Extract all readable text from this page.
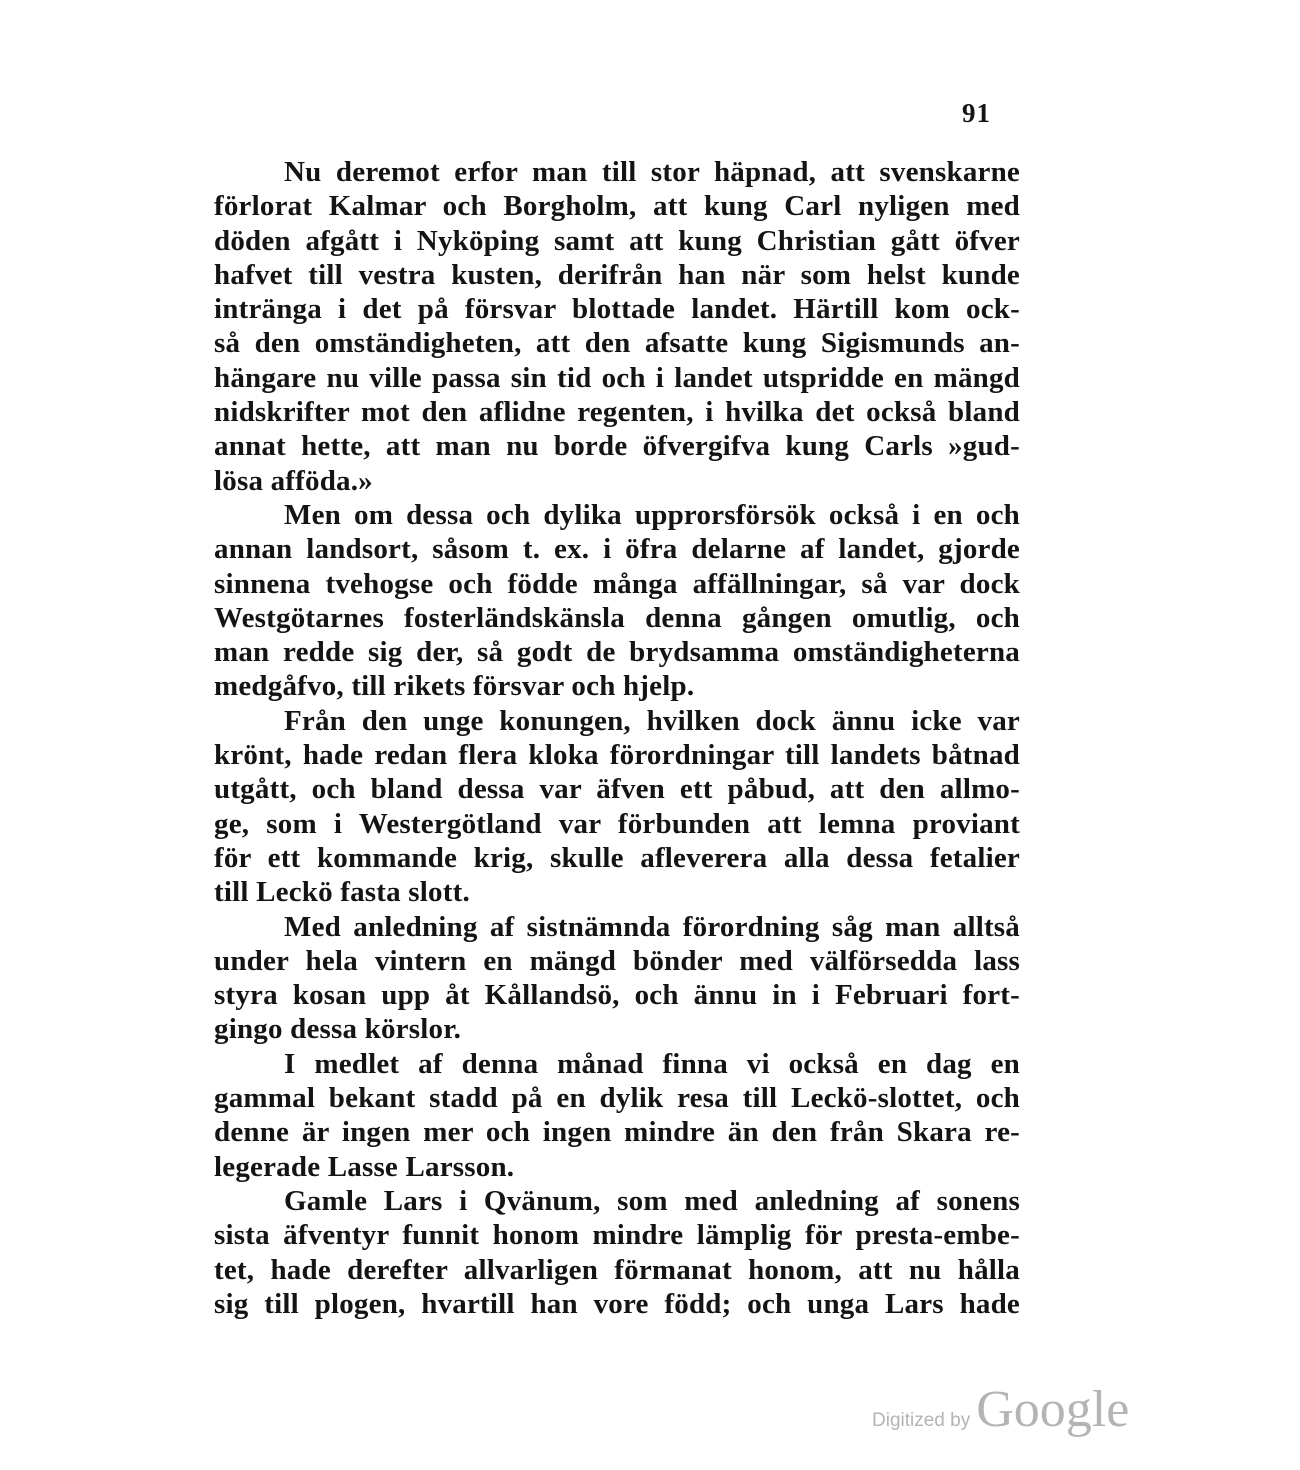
91
Nu deremot erfor man till stor häpnad, att svenskarne
förlorat Kalmar och Borgholm, att kung Carl nyligen med
döden afgått i Nyköping samt att kung Christian gått öfver
hafvet till vestra kusten, derifrån han när som helst kunde
intränga i det på försvar blottade landet. Härtill kom ock-
så den omständigheten, att den afsatte kung Sigismunds an-
hängare nu ville passa sin tid och i landet utspridde en mängd
nidskrifter mot den aflidne regenten, i hvilka det också bland
annat hette, att man nu borde öfvergifva kung Carls »gud-
lösa afföda.»
Men om dessa och dylika upprorsförsök också i en och
annan landsort, såsom t. ex. i öfra delarne af landet, gjorde
sinnena tvehogse och födde många affällningar, så var dock
Westgötarnes fosterländskänsla denna gången omutlig, och
man redde sig der, så godt de brydsamma omständigheterna
medgåfvo, till rikets försvar och hjelp.
Från den unge konungen, hvilken dock ännu icke var
krönt, hade redan flera kloka förordningar till landets båtnad
utgått, och bland dessa var äfven ett påbud, att den allmo-
ge, som i Westergötland var förbunden att lemna proviant
för ett kommande krig, skulle afleverera alla dessa fetalier
till Leckö fasta slott.
Med anledning af sistnämnda förordning såg man alltså
under hela vintern en mängd bönder med välförsedda lass
styra kosan upp åt Kållandsö, och ännu in i Februari fort-
gingo dessa körslor.
I medlet af denna månad finna vi också en dag en
gammal bekant stadd på en dylik resa till Leckö-slottet, och
denne är ingen mer och ingen mindre än den från Skara re-
legerade Lasse Larsson.
Gamle Lars i Qvänum, som med anledning af sonens
sista äfventyr funnit honom mindre lämplig för presta-embe-
tet, hade derefter allvarligen förmanat honom, att nu hålla
sig till plogen, hvartill han vore född; och unga Lars hade
Digitized by Google
